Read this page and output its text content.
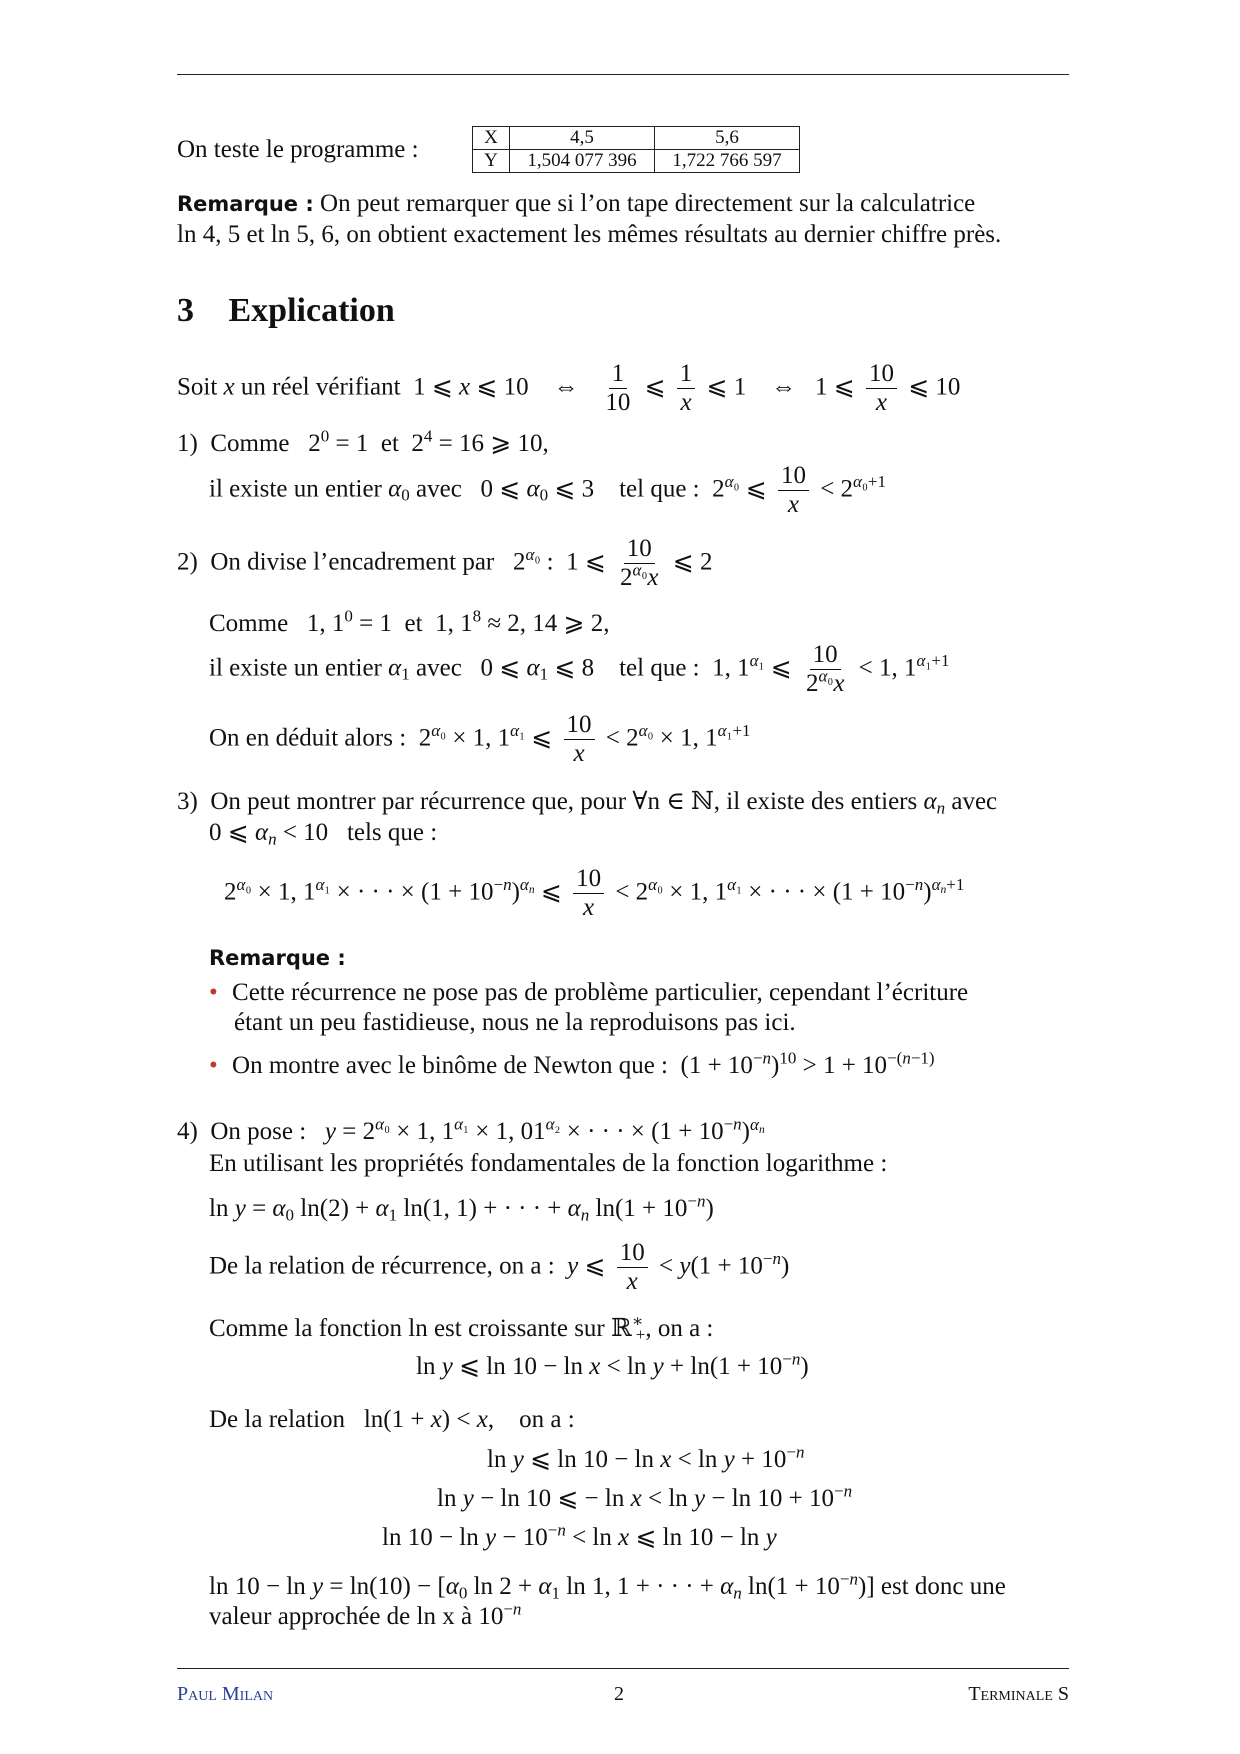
On teste le programme :	X	4,5	5,6
Y	1,504 077 396	1,722 766 597
Remarque : On peut remarquer que si l’on tape directement sur la calculatrice
ln 4, 5 et ln 5, 6, on obtient exactement les mêmes résultats au dernier chiffre près.
3 Explication
Soit x un réel vérifiant  1 ⩽ x ⩽ 10    ⇔ $\frac{1}{10}$ ⩽ $\frac{1}{x}$ ⩽ 1    ⇔   1 ⩽ $\frac{10}{x}$ ⩽ 10
1) Comme   $2^0 = 1$  et  $2^4 = 16$ ⩾ 10,
il existe un entier $\alpha_0$ avec   0 ⩽ $\alpha_0$ ⩽ 3    tel que :  $2^{\alpha_0}$ ⩽ $\frac{10}{x} < 2^{\alpha_0+1}$
2) On divise l’encadrement par   $2^{\alpha_0}$ :  1 ⩽ $\frac{10}{2^{\alpha_0}x}$ ⩽ 2
Comme   1, $1^0 = 1$  et  1, $1^8 \approx 2$, 14 ⩾ 2,
il existe un entier $\alpha_1$ avec   0 ⩽ $\alpha_1$ ⩽ 8    tel que :  1, $1^{\alpha_1}$ ⩽ $\frac{10}{2^{\alpha_0}x} < 1$, $1^{\alpha_1+1}$
On en déduit alors :  $2^{\alpha_0} \times 1$, $1^{\alpha_1}$ ⩽ $\frac{10}{x} < 2^{\alpha_0} \times 1$, $1^{\alpha_1+1}$
3) On peut montrer par récurrence que, pour ∀n ∈ ℕ, il existe des entiers $\alpha_n$ avec
0 ⩽ $\alpha_n < 10$   tels que :
$2^{\alpha_0} \times 1$, $1^{\alpha_1}$ × · · · × $(1 + 10^{-n})^{\alpha_n}$ ⩽ $\frac{10}{x} < 2^{\alpha_0} \times 1$, $1^{\alpha_1}$ × · · · × $(1 + 10^{-n})^{\alpha_n+1}$
Remarque :
• Cette récurrence ne pose pas de problème particulier, cependant l’écriture
étant un peu fastidieuse, nous ne la reproduisons pas ici.
• On montre avec le binôme de Newton que :  $(1 + 10^{-n})^{10} > 1 + 10^{-(n-1)}$
4) On pose : $y = 2^{\alpha_0} \times 1$, $1^{\alpha_1} \times 1$, $01^{\alpha_2}$ × · · · × $(1 + 10^{-n})^{\alpha_n}$
En utilisant les propriétés fondamentales de la fonction logarithme :
$\ln y = \alpha_0$ $\ln(2) + \alpha_1$ ln(1, 1) + · · · + $\alpha_n$ $\ln(1 + 10^{-n})$
De la relation de récurrence, on a : y ⩽ $\frac{10}{x} < y(1 + 10^{-n})$
Comme la fonction ln est croissante sur ℝ∗$_+$, on a :
ln y ⩽ $\ln 10 - \ln x < \ln y + \ln(1 + 10^{-n})$
De la relation   ln(1 + x) < x,    on a :
ln y ⩽ $\ln 10 - \ln x < \ln y + 10^{-n}$
ln y − ln 10 ⩽ − $\ln x < \ln y - \ln 10 + 10^{-n}$
$\ln 10 - \ln y - 10^{-n} < \ln x$ ⩽ ln 10 − ln y
$\ln 10 - \ln y = \ln(10) - [\alpha_0$ $\ln 2 + \alpha_1$ ln 1, 1 + · · · + $\alpha_n$ $\ln(1 + 10^{-n})$] est donc une
valeur approchée de ln x à $10^{-n}$
Paul Milan	2	Terminale S
